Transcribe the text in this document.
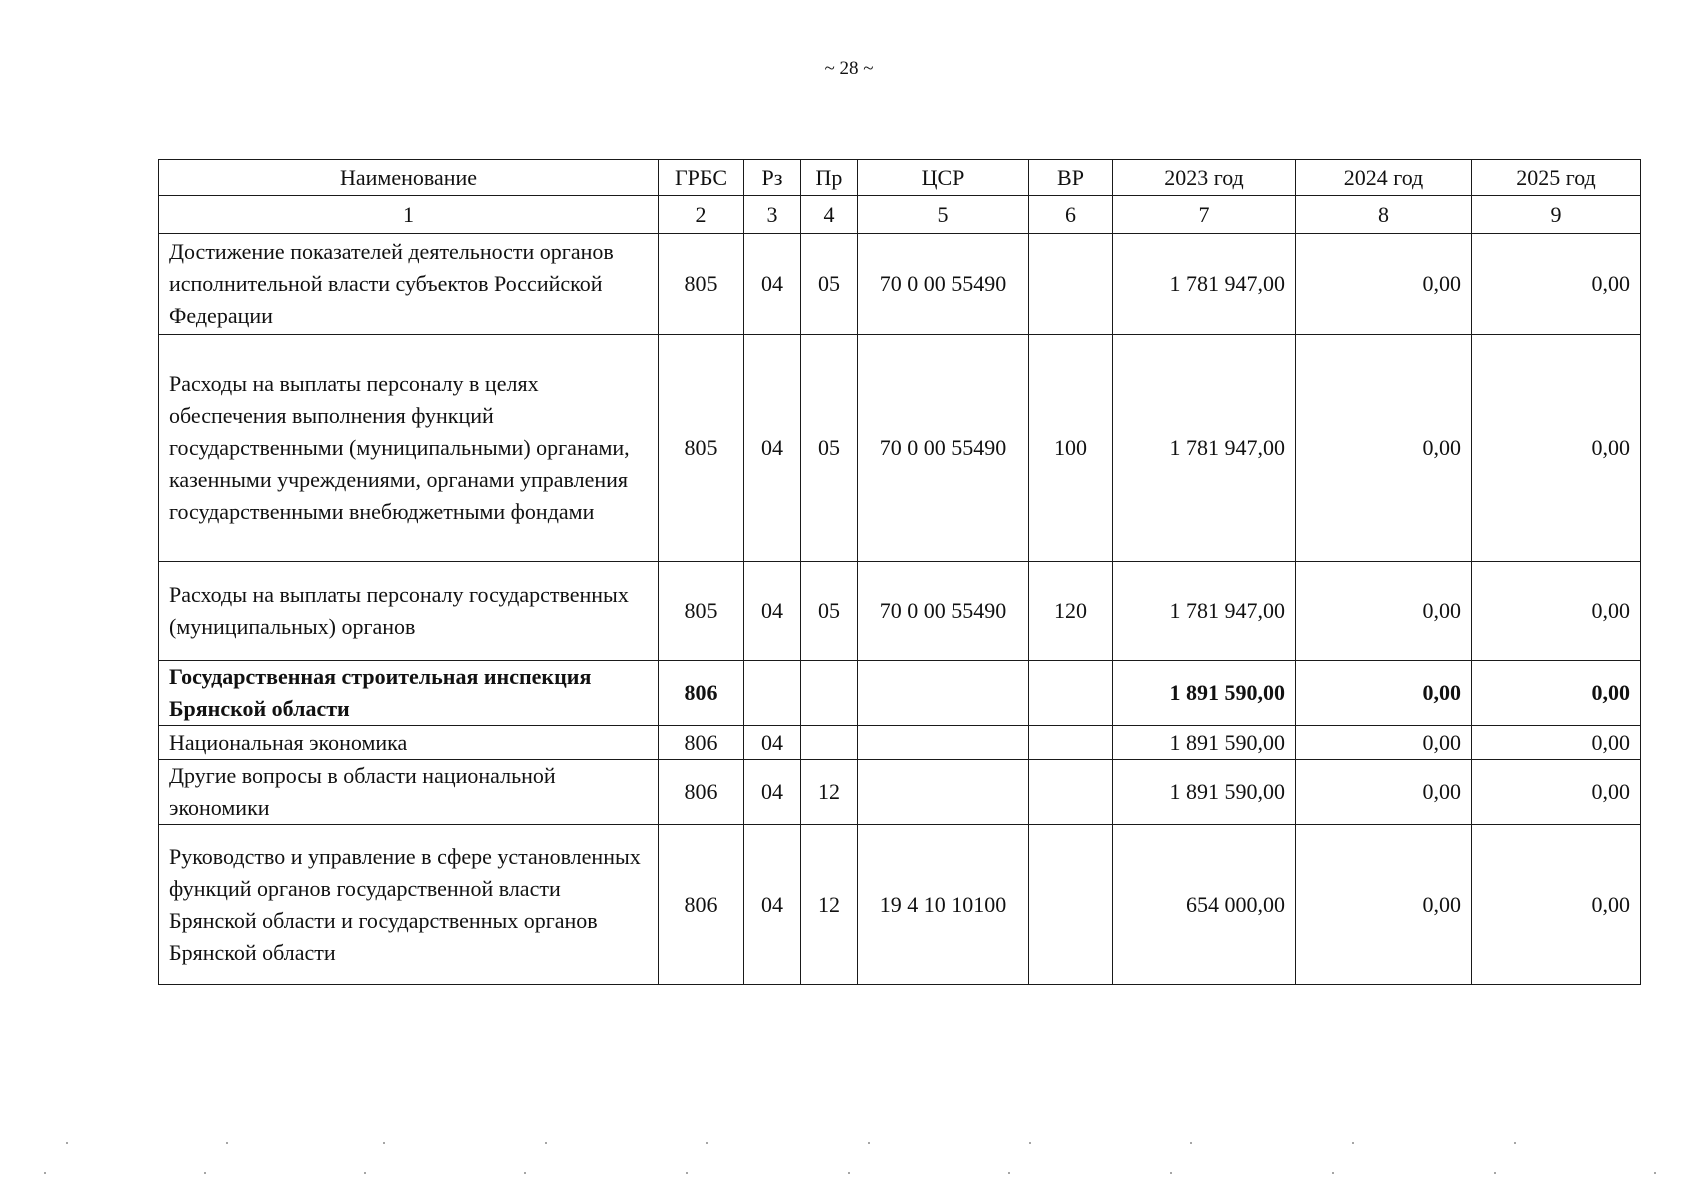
~ 28 ~
Наименование	ГРБС	Рз	Пр	ЦСР	ВР	2023 год	2024 год	2025 год
1	2	3	4	5	6	7	8	9
Достижение показателей деятельности органов исполнительной власти субъектов Российской Федерации	805	04	05	70 0 00 55490		1 781 947,00	0,00	0,00
Расходы на выплаты персоналу в целях обеспечения выполнения функций государственными (муниципальными) органами, казенными учреждениями, органами управления государственными внебюджетными фондами	805	04	05	70 0 00 55490	100	1 781 947,00	0,00	0,00
Расходы на выплаты персоналу государственных (муниципальных) органов	805	04	05	70 0 00 55490	120	1 781 947,00	0,00	0,00
Государственная строительная инспекция Брянской области	806					1 891 590,00	0,00	0,00
Национальная экономика	806	04				1 891 590,00	0,00	0,00
Другие вопросы в области национальной экономики	806	04	12			1 891 590,00	0,00	0,00
Руководство и управление в сфере установленных функций органов государственной власти Брянской области и государственных органов Брянской области	806	04	12	19 4 10 10100		654 000,00	0,00	0,00
